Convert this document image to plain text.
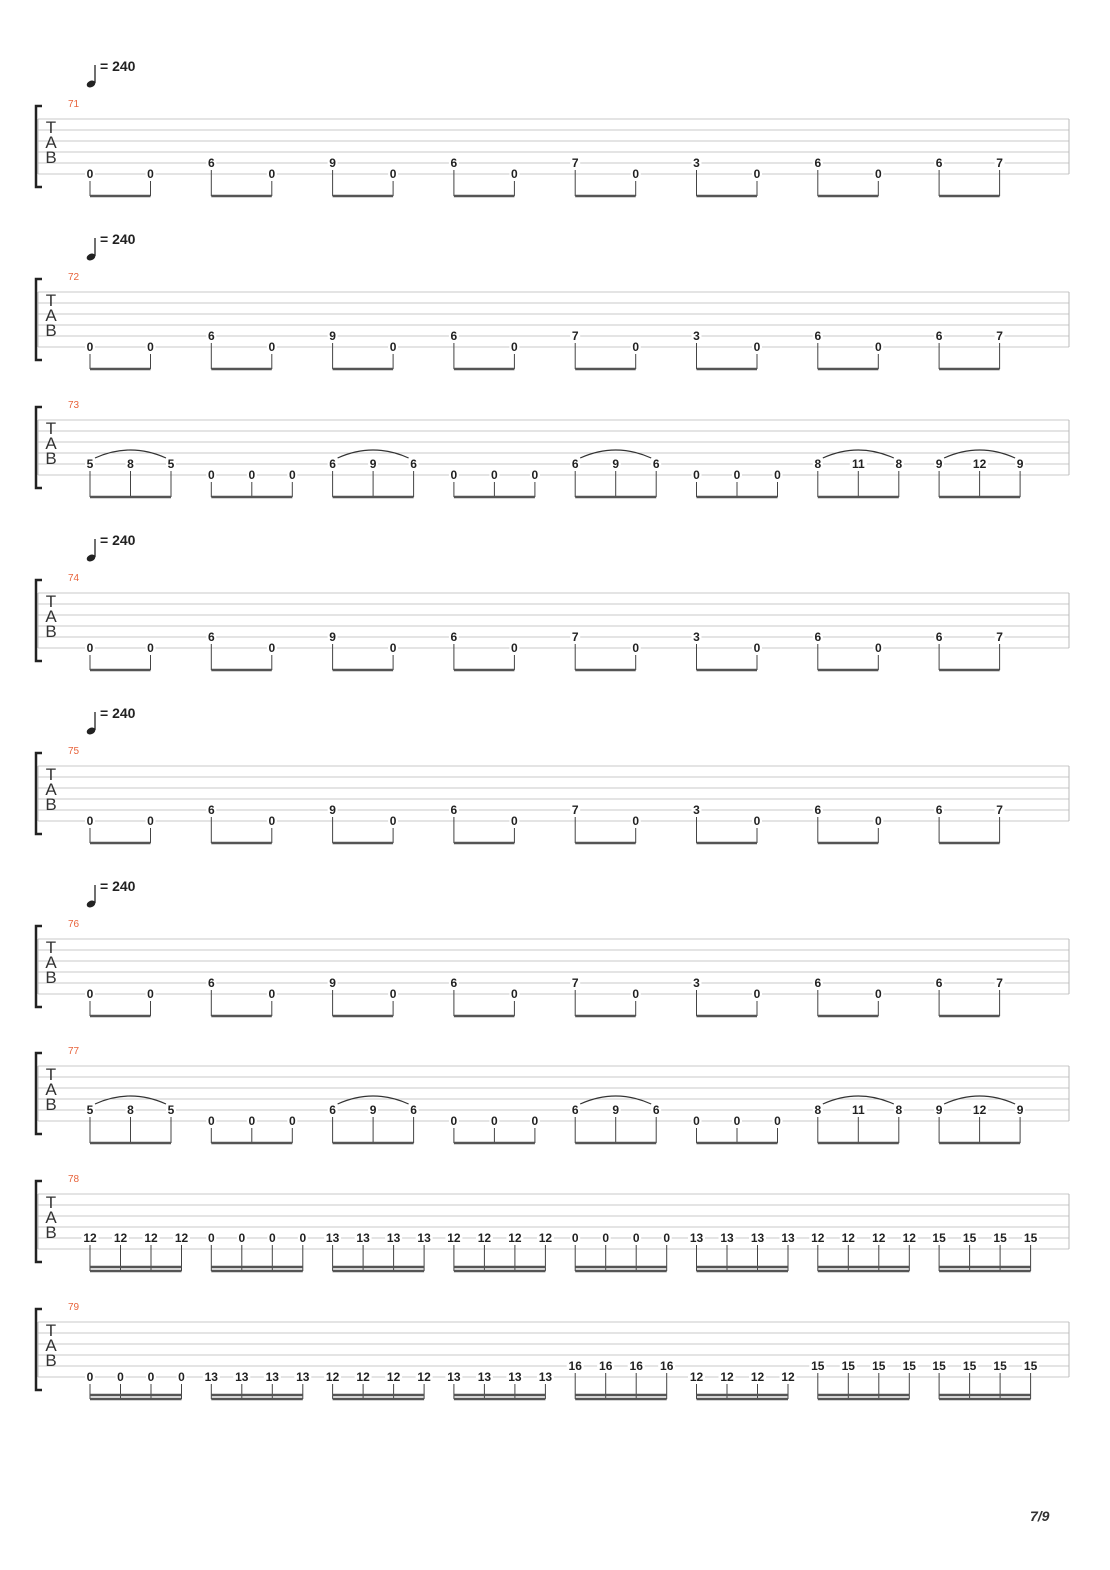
= 240
71
T
A
B
0	0
6
0
9
0
6
0
7
0
3
0
6
0
6	7
= 240
72
T
A
B
0	0
6
0
9
0
6
0
7
0
3
0
6
0
6	7
73
T
A
B 5	8	5
0	0	0
6	9	6
0	0	0
6	9	6
0	0	0
8	11	8	9	12	9
= 240
74
T
A
B
0	0
6
0
9
0
6
0
7
0
3
0
6
0
6	7
= 240
75
T
A
B
0	0
6
0
9
0
6
0
7
0
3
0
6
0
6	7
= 240
76
T
A
B
0	0
6
0
9
0
6
0
7
0
3
0
6
0
6	7
77
T
A
B 5	8	5
0	0	0
6	9	6
0	0	0
6	9	6
0	0	0
8	11	8	9	12	9
78
T
A
B 12 12 12 12 0 0 0 0 13 13 13 13 12 12 12 12 0 0 0 0 13 13 13 13 12 12 12 12 15 15 15 15
79
T
A
B
0 0 0 0 13 13 13 13 12 12 12 12 13 13 13 13
16 16 16 16
12 12 12 12
15 15 15 15 15 15 15 15
7/9
